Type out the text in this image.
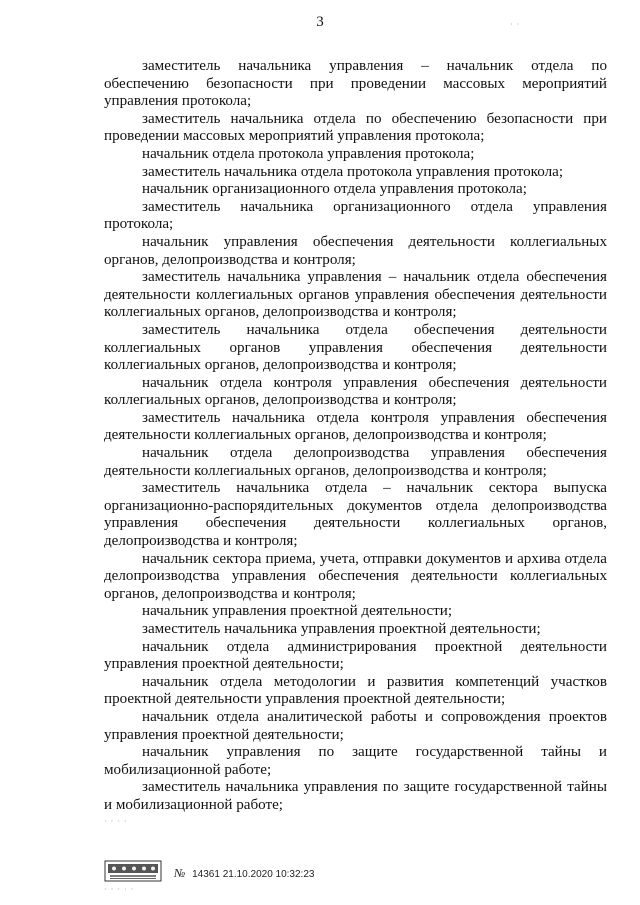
3

заместитель начальника управления – начальник отдела по обеспечению безопасности при проведении массовых мероприятий управления протокола;

заместитель начальника отдела по обеспечению безопасности при проведении массовых мероприятий управления протокола;

начальник отдела протокола управления протокола;

заместитель начальника отдела протокола управления протокола;

начальник организационного отдела управления протокола;

заместитель начальника организационного отдела управления протокола;

начальник управления обеспечения деятельности коллегиальных органов, делопроизводства и контроля;

заместитель начальника управления – начальник отдела обеспечения деятельности коллегиальных органов управления обеспечения деятельности коллегиальных органов, делопроизводства и контроля;

заместитель начальника отдела обеспечения деятельности коллегиальных органов управления обеспечения деятельности коллегиальных органов, делопроизводства и контроля;

начальник отдела контроля управления обеспечения деятельности коллегиальных органов, делопроизводства и контроля;

заместитель начальника отдела контроля управления обеспечения деятельности коллегиальных органов, делопроизводства и контроля;

начальник отдела делопроизводства управления обеспечения деятельности коллегиальных органов, делопроизводства и контроля;

заместитель начальника отдела – начальник сектора выпуска организационно-распорядительных документов отдела делопроизводства управления обеспечения деятельности коллегиальных органов, делопроизводства и контроля;

начальник сектора приема, учета, отправки документов и архива отдела делопроизводства управления обеспечения деятельности коллегиальных органов, делопроизводства и контроля;

начальник управления проектной деятельности;

заместитель начальника управления проектной деятельности;

начальник отдела администрирования проектной деятельности управления проектной деятельности;

начальник отдела методологии и развития компетенций участков проектной деятельности управления проектной деятельности;

начальник отдела аналитической работы и сопровождения проектов управления проектной деятельности;

начальник управления по защите государственной тайны и мобилизационной работе;

заместитель начальника управления по защите государственной тайны и мобилизационной работе;

№ 14361 21.10.2020 10:32:23
· · · ·
· ·
· · · · ·
